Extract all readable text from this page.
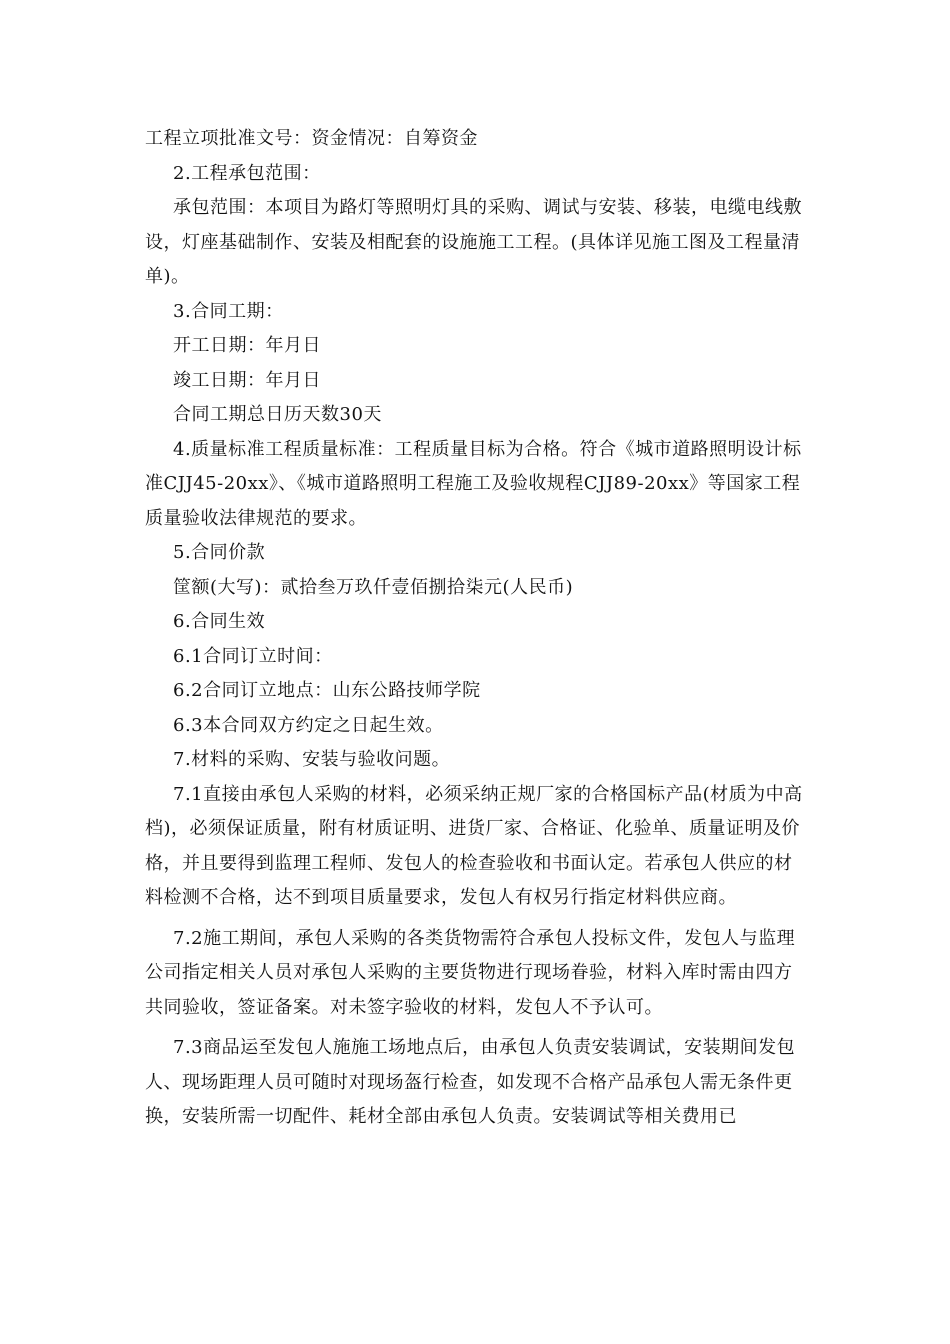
工程立项批准文号：资金情况：自筹资金

2.工程承包范围：

承包范围：本项目为路灯等照明灯具的采购、调试与安装、移装，电缆电线敷设，灯座基础制作、安装及相配套的设施施工工程。(具体详见施工图及工程量清单)。

3.合同工期：

开工日期：年月日

竣工日期：年月日

合同工期总日历天数30天

4.质量标准工程质量标准：工程质量目标为合格。符合《城市道路照明设计标准CJJ45-20xx》、《城市道路照明工程施工及验收规程CJJ89-20xx》等国家工程质量验收法律规范的要求。

5.合同价款

筐额(大写)：贰拾叁万玖仟壹佰捌拾柒元(人民币)

6.合同生效

6.1合同订立时间：

6.2合同订立地点：山东公路技师学院

6.3本合同双方约定之日起生效。

7.材料的采购、安装与验收问题。

7.1直接由承包人采购的材料，必须采纳正规厂家的合格国标产品(材质为中高档)，必须保证质量，附有材质证明、进货厂家、合格证、化验单、质量证明及价格，并且要得到监理工程师、发包人的检查验收和书面认定。若承包人供应的材料检测不合格，达不到项目质量要求，发包人有权另行指定材料供应商。

7.2施工期间，承包人采购的各类货物需符合承包人投标文件，发包人与监理公司指定相关人员对承包人采购的主要货物进行现场眷验，材料入库时需由四方共同验收，签证备案。对未签字验收的材料，发包人不予认可。

7.3商品运至发包人施施工场地点后，由承包人负责安装调试，安装期间发包人、现场距理人员可随时对现场盔行检查，如发现不合格产品承包人需无条件更换，安装所需一切配件、耗材全部由承包人负责。安装调试等相关费用已
